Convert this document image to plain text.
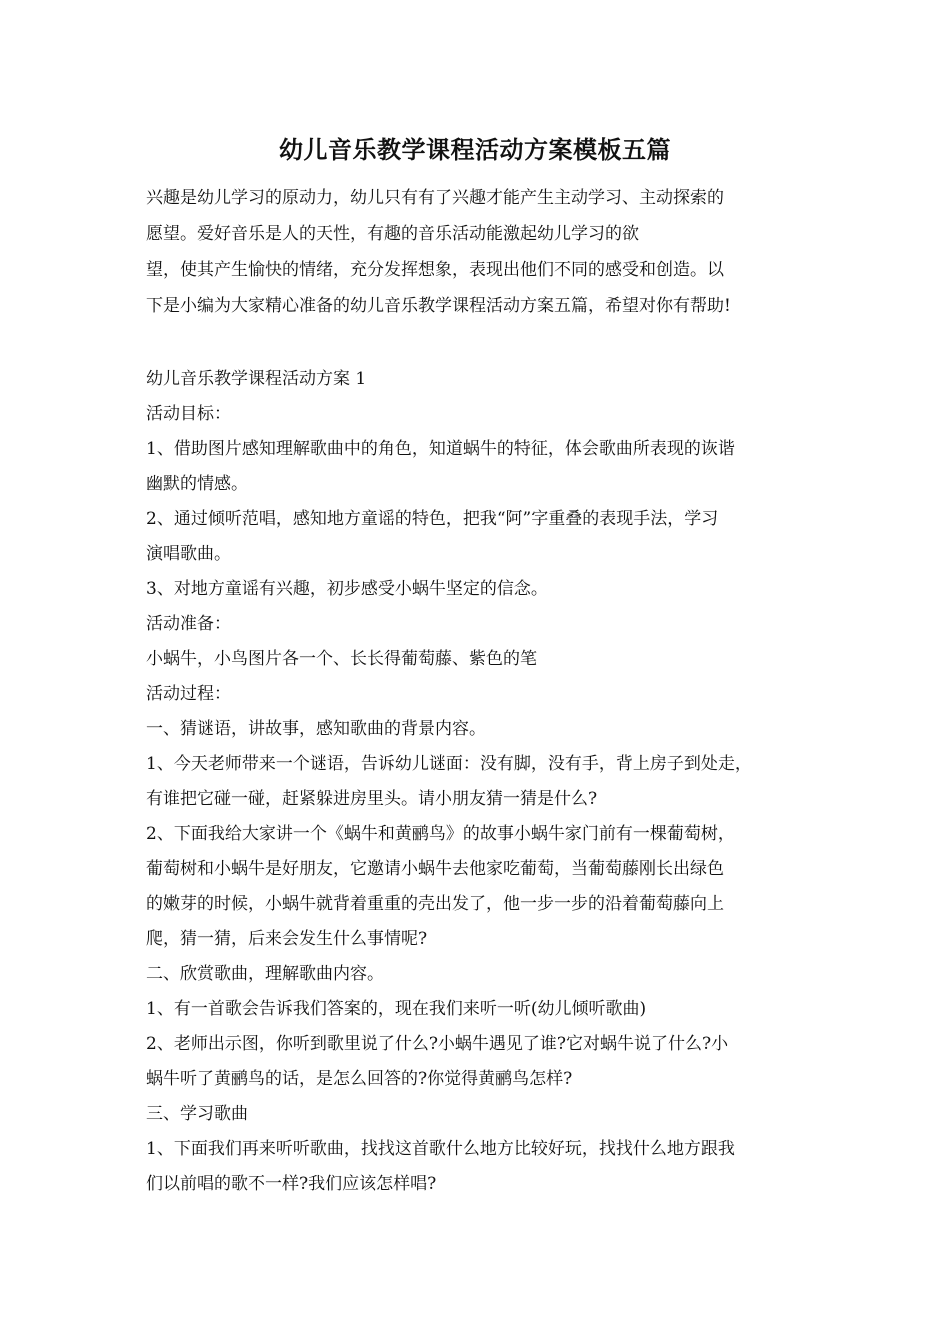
幼儿音乐教学课程活动方案模板五篇
兴趣是幼儿学习的原动力，幼儿只有有了兴趣才能产生主动学习、主动探索的
愿望。爱好音乐是人的天性，有趣的音乐活动能激起幼儿学习的欲
望，使其产生愉快的情绪，充分发挥想象，表现出他们不同的感受和创造。以
下是小编为大家精心准备的幼儿音乐教学课程活动方案五篇，希望对你有帮助!
幼儿音乐教学课程活动方案 1
活动目标：
1、借助图片感知理解歌曲中的角色，知道蜗牛的特征，体会歌曲所表现的诙谐
幽默的情感。
2、通过倾听范唱，感知地方童谣的特色，把我“阿”字重叠的表现手法，学习
演唱歌曲。
3、对地方童谣有兴趣，初步感受小蜗牛坚定的信念。
活动准备：
小蜗牛，小鸟图片各一个、长长得葡萄藤、紫色的笔
活动过程：
一、猜谜语，讲故事，感知歌曲的背景内容。
1、今天老师带来一个谜语，告诉幼儿谜面：没有脚，没有手，背上房子到处走，
有谁把它碰一碰，赶紧躲进房里头。请小朋友猜一猜是什么?
2、下面我给大家讲一个《蜗牛和黄鹂鸟》的故事小蜗牛家门前有一棵葡萄树，
葡萄树和小蜗牛是好朋友，它邀请小蜗牛去他家吃葡萄，当葡萄藤刚长出绿色
的嫩芽的时候，小蜗牛就背着重重的壳出发了，他一步一步的沿着葡萄藤向上
爬，猜一猜，后来会发生什么事情呢?
二、欣赏歌曲，理解歌曲内容。
1、有一首歌会告诉我们答案的，现在我们来听一听(幼儿倾听歌曲)
2、老师出示图，你听到歌里说了什么?小蜗牛遇见了谁?它对蜗牛说了什么?小
蜗牛听了黄鹂鸟的话，是怎么回答的?你觉得黄鹂鸟怎样?
三、学习歌曲
1、下面我们再来听听歌曲，找找这首歌什么地方比较好玩，找找什么地方跟我
们以前唱的歌不一样?我们应该怎样唱?
